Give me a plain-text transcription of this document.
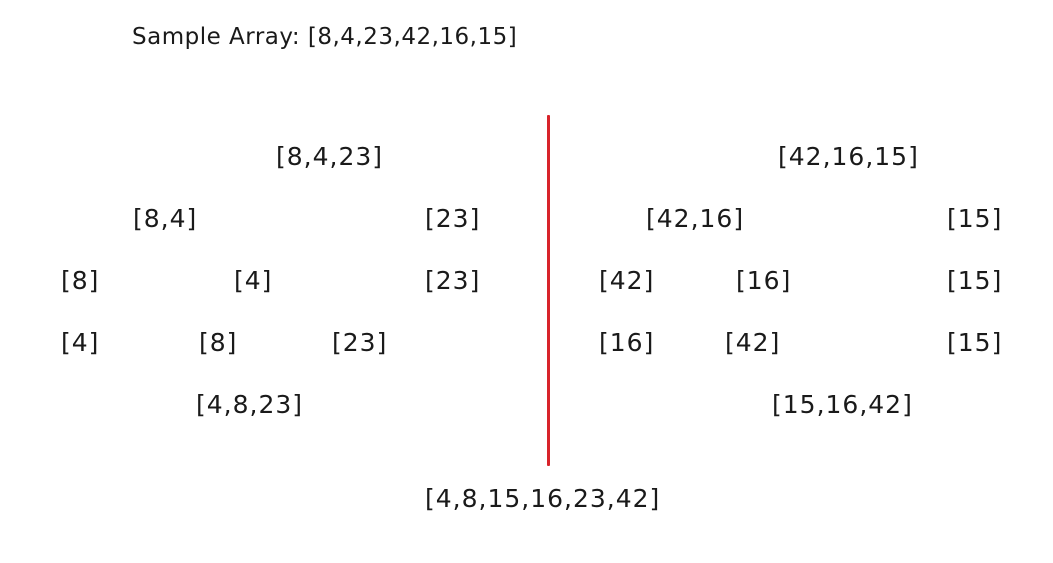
Sample Array: [8,4,23,42,16,15]
[8,4,23]
[8,4]	[23]
[8]	[4]	[23]
[4]	[8]	[23]
[4,8,23]
[42,16,15]
[42,16]	[15]
[42]	[16]	[15]
[16]	[42]	[15]
[15,16,42]
[4,8,15,16,23,42]
